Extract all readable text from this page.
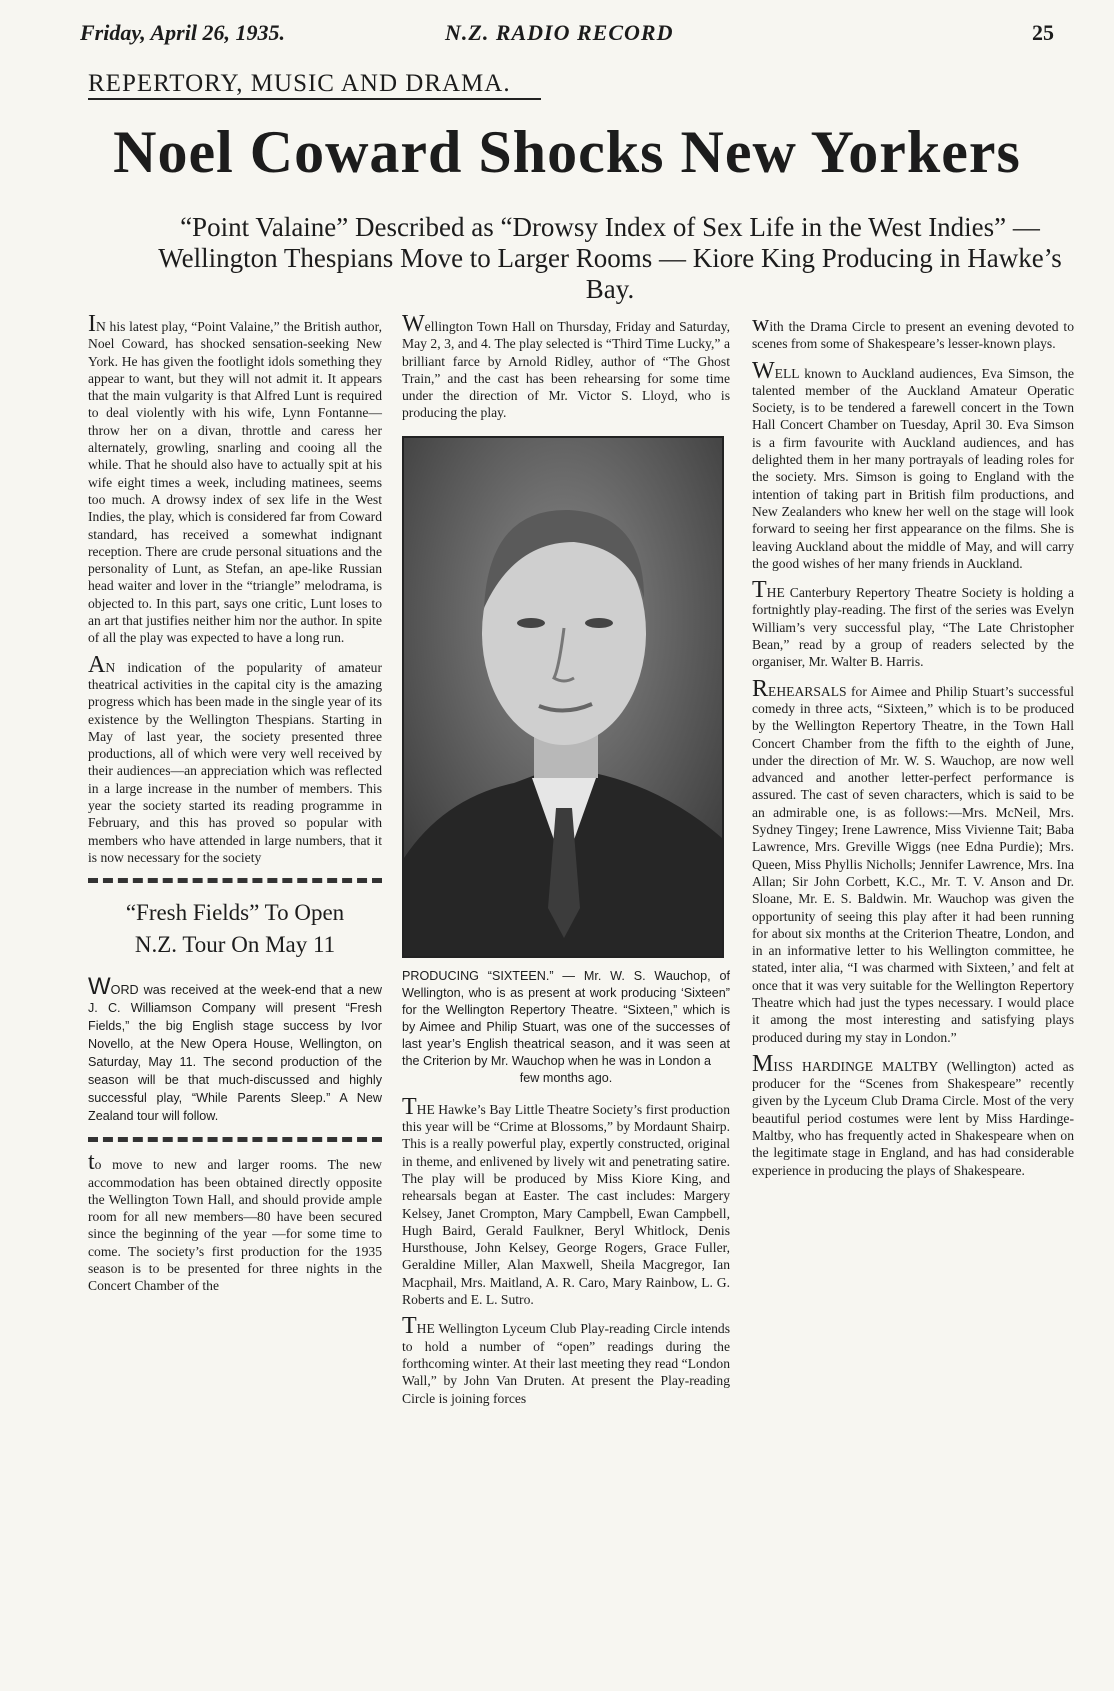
Friday, April 26, 1935.	N.Z. RADIO RECORD	25
REPERTORY, MUSIC AND DRAMA.
Noel Coward Shocks New Yorkers
“Point Valaine” Described as “Drowsy Index of Sex Life in the West Indies” — Wellington Thespians Move to Larger Rooms — Kiore King Producing in Hawke’s Bay.

IN his latest play, “Point Valaine,” the British author, Noel Coward, has shocked sensation-seeking New York. He has given the footlight idols something they appear to want, but they will not admit it. It appears that the main vulgarity is that Alfred Lunt is required to deal violently with his wife, Lynn Fontanne—throw her on a divan, throttle and caress her alternately, growling, snarling and cooing all the while. That he should also have to actually spit at his wife eight times a week, including matinees, seems too much. A drowsy index of sex life in the West Indies, the play, which is considered far from Coward standard, has received a somewhat indignant reception. There are crude personal situations and the personality of Lunt, as Stefan, an ape-like Russian head waiter and lover in the “triangle” melodrama, is objected to. In this part, says one critic, Lunt loses to an art that justifies neither him nor the author. In spite of all the play was expected to have a long run.

AN indication of the popularity of amateur theatrical activities in the capital city is the amazing progress which has been made in the single year of its existence by the Wellington Thespians. Starting in May of last year, the society presented three productions, all of which were very well received by their audiences—an appreciation which was reflected in a large increase in the number of members. This year the society started its reading programme in February, and this has proved so popular with members who have attended in large numbers, that it is now necessary for the society

“Fresh Fields” To Open
N.Z. Tour On May 11

WORD was received at the week-end that a new J. C. Williamson Company will present “Fresh Fields,” the big English stage success by Ivor Novello, at the New Opera House, Wellington, on Saturday, May 11. The second production of the season will be that much-discussed and highly successful play, “While Parents Sleep.” A New Zealand tour will follow.

to move to new and larger rooms. The new accommodation has been obtained directly opposite the Wellington Town Hall, and should provide ample room for all new members—80 have been secured since the beginning of the year —for some time to come. The society’s first production for the 1935 season is to be presented for three nights in the Concert Chamber of the

Wellington Town Hall on Thursday, Friday and Saturday, May 2, 3, and 4. The play selected is “Third Time Lucky,” a brilliant farce by Arnold Ridley, author of “The Ghost Train,” and the cast has been rehearsing for some time under the direction of Mr. Victor S. Lloyd, who is producing the play.

PRODUCING “SIXTEEN.” — Mr. W. S. Wauchop, of Wellington, who is as present at work producing ‘Sixteen” for the Wellington Repertory Theatre. “Sixteen,” which is by Aimee and Philip Stuart, was one of the successes of last year’s English theatrical season, and it was seen at the Criterion by Mr. Wauchop when he was in London a
few months ago.

THE Hawke’s Bay Little Theatre Society’s first production this year will be “Crime at Blossoms,” by Mordaunt Shairp. This is a really powerful play, expertly constructed, original in theme, and enlivened by lively wit and penetrating satire. The play will be produced by Miss Kiore King, and rehearsals began at Easter. The cast includes: Margery Kelsey, Janet Crompton, Mary Campbell, Ewan Campbell, Hugh Baird, Gerald Faulkner, Beryl Whitlock, Denis Hursthouse, John Kelsey, George Rogers, Grace Fuller, Geraldine Miller, Alan Maxwell, Sheila Macgregor, Ian Macphail, Mrs. Maitland, A. R. Caro, Mary Rainbow, L. G. Roberts and E. L. Sutro.

THE Wellington Lyceum Club Play-reading Circle intends to hold a number of “open” readings during the forthcoming winter. At their last meeting they read “London Wall,” by John Van Druten. At present the Play-reading Circle is joining forces

with the Drama Circle to present an evening devoted to scenes from some of Shakespeare’s lesser-known plays.

WELL known to Auckland audiences, Eva Simson, the talented member of the Auckland Amateur Operatic Society, is to be tendered a farewell concert in the Town Hall Concert Chamber on Tuesday, April 30. Eva Simson is a firm favourite with Auckland audiences, and has delighted them in her many portrayals of leading roles for the society. Mrs. Simson is going to England with the intention of taking part in British film productions, and New Zealanders who knew her well on the stage will look forward to seeing her first appearance on the films. She is leaving Auckland about the middle of May, and will carry the good wishes of her many friends in Auckland.

THE Canterbury Repertory Theatre Society is holding a fortnightly play-reading. The first of the series was Evelyn William’s very successful play, “The Late Christopher Bean,” read by a group of readers selected by the organiser, Mr. Walter B. Harris.

REHEARSALS for Aimee and Philip Stuart’s successful comedy in three acts, “Sixteen,” which is to be produced by the Wellington Repertory Theatre, in the Town Hall Concert Chamber from the fifth to the eighth of June, under the direction of Mr. W. S. Wauchop, are now well advanced and another letter-perfect performance is assured. The cast of seven characters, which is said to be an admirable one, is as follows:—Mrs. McNeil, Mrs. Sydney Tingey; Irene Lawrence, Miss Vivienne Tait; Baba Lawrence, Mrs. Greville Wiggs (nee Edna Purdie); Mrs. Queen, Miss Phyllis Nicholls; Jennifer Lawrence, Mrs. Ina Allan; Sir John Corbett, K.C., Mr. T. V. Anson and Dr. Sloane, Mr. E. S. Baldwin. Mr. Wauchop was given the opportunity of seeing this play after it had been running for about six months at the Criterion Theatre, London, and in an informative letter to his Wellington committee, he stated, inter alia, “I was charmed with Sixteen,’ and felt at once that it was very suitable for the Wellington Repertory Theatre which had just the types necessary. I would place it among the most interesting and satisfying plays produced during my stay in London.”

MISS HARDINGE MALTBY (Wellington) acted as producer for the “Scenes from Shakespeare” recently given by the Lyceum Club Drama Circle. Most of the very beautiful period costumes were lent by Miss Hardinge-Maltby, who has frequently acted in Shakespeare when on the legitimate stage in England, and has had considerable experience in producing the plays of Shakespeare.
